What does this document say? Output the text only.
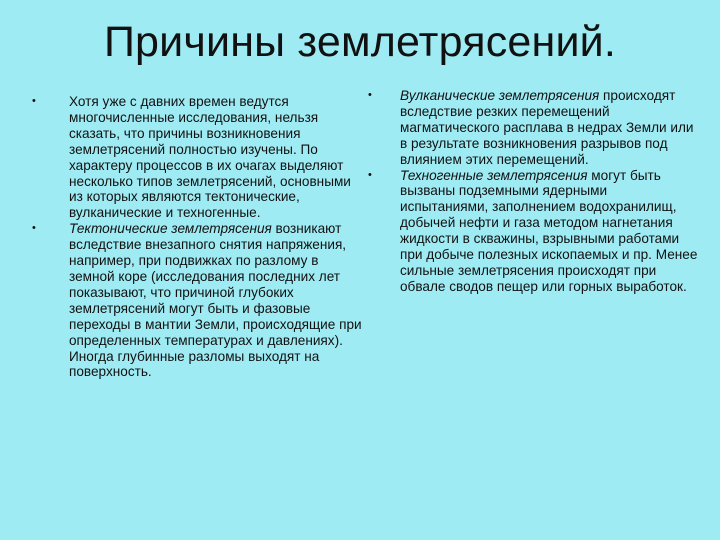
Причины землетрясений.
•	Хотя уже с давних времен ведутся многочисленные исследования, нельзя сказать, что причины возникновения землетрясений полностью изучены. По характеру процессов в их очагах выделяют несколько типов землетрясений, основными из которых являются тектонические, вулканические и техногенные.
•	Тектонические землетрясения возникают вследствие внезапного снятия напряжения, например, при подвижках по разлому в земной коре (исследования последних лет показывают, что причиной глубоких землетрясений могут быть и фазовые переходы в мантии Земли, происходящие при определенных температурах и давлениях). Иногда глубинные разломы выходят на поверхность.
•	Вулканические землетрясения происходят вследствие резких перемещений магматического расплава в недрах Земли или в результате возникновения разрывов под влиянием этих перемещений.
•	Техногенные землетрясения могут быть вызваны подземными ядерными испытаниями, заполнением водохранилищ, добычей нефти и газа методом нагнетания жидкости в скважины, взрывными работами при добыче полезных ископаемых и пр. Менее сильные землетрясения происходят при обвале сводов пещер или горных выработок.
